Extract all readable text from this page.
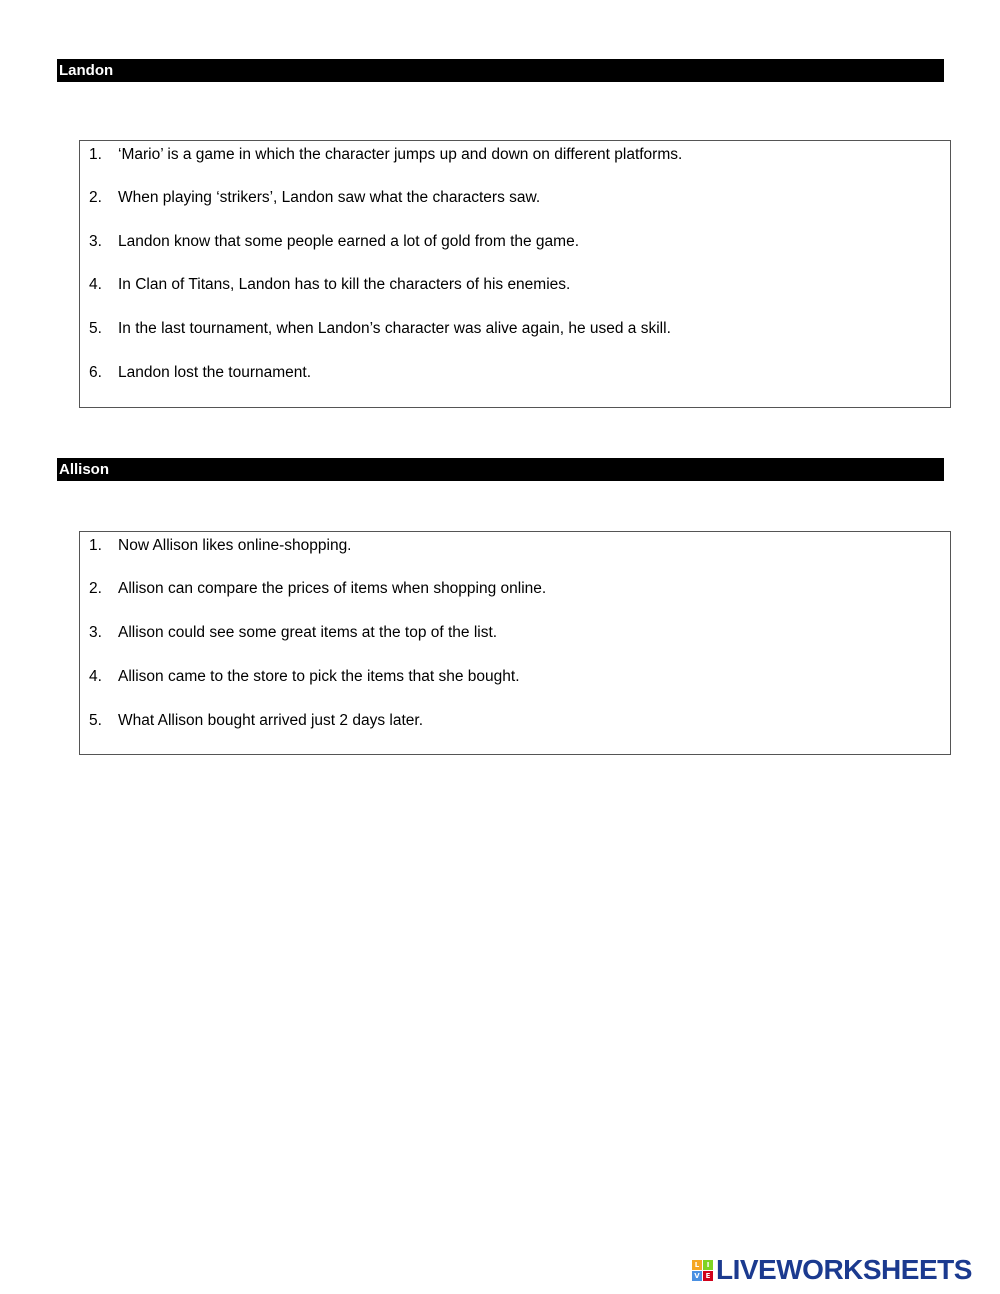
Landon
1.	‘Mario’ is a game in which the character jumps up and down on different platforms.
2.	When playing ‘strikers’, Landon saw what the characters saw.
3.	Landon know that some people earned a lot of gold from the game.
4.	In Clan of Titans, Landon has to kill the characters of his enemies.
5.	In the last tournament, when Landon’s character was alive again, he used a skill.
6.	Landon lost the tournament.
Allison
1.	Now Allison likes online-shopping.
2.	Allison can compare the prices of items when shopping online.
3.	Allison could see some great items at the top of the list.
4.	Allison came to the store to pick the items that she bought.
5.	What Allison bought arrived just 2 days later.
L	I
V E LIVEWORKSHEETS
